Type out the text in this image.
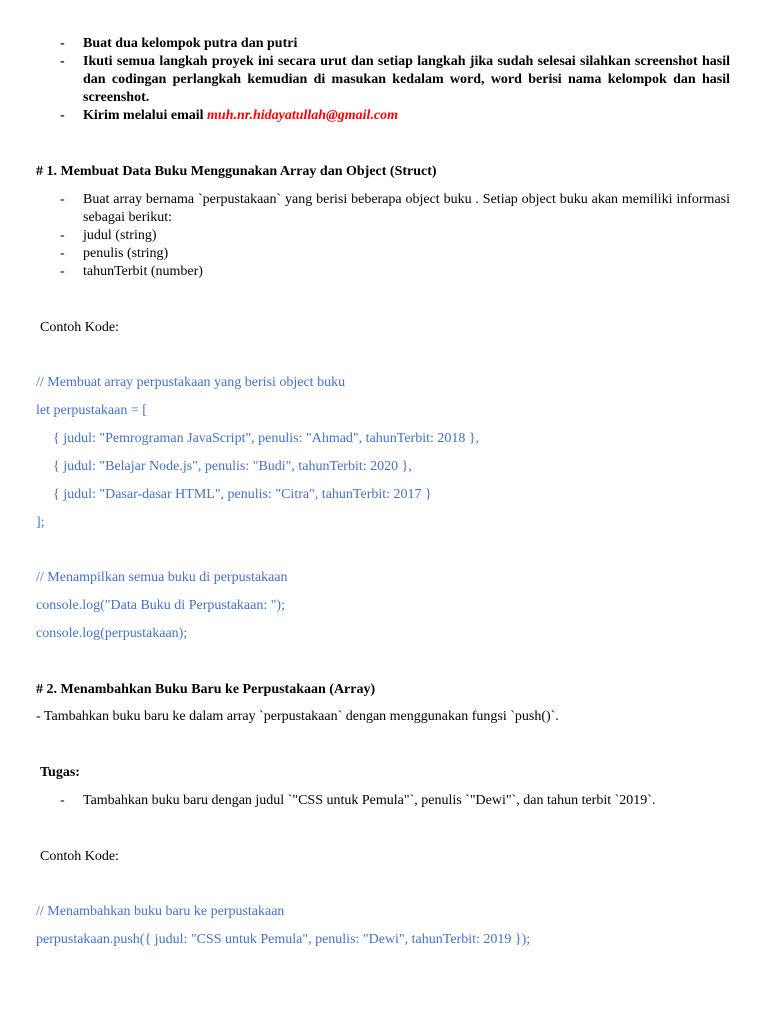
- Buat dua kelompok putra dan putri
- Ikuti semua langkah proyek ini secara urut dan setiap langkah jika sudah selesai silahkan screenshot hasil dan codingan perlangkah kemudian di masukan kedalam word, word berisi nama kelompok dan hasil screenshot.
- Kirim melalui email muh.nr.hidayatullah@gmail.com

# 1. Membuat Data Buku Menggunakan Array dan Object (Struct)

- Buat array bernama `perpustakaan` yang berisi beberapa object buku . Setiap object buku akan memiliki informasi sebagai berikut:
- judul (string)
- penulis (string)
- tahunTerbit (number)

Contoh Kode:

// Membuat array perpustakaan yang berisi object buku

let perpustakaan = [

{ judul: "Pemrograman JavaScript", penulis: "Ahmad", tahunTerbit: 2018 },

{ judul: "Belajar Node.js", penulis: "Budi", tahunTerbit: 2020 },

{ judul: "Dasar-dasar HTML", penulis: "Citra", tahunTerbit: 2017 }

];

// Menampilkan semua buku di perpustakaan

console.log("Data Buku di Perpustakaan: ");

console.log(perpustakaan);

# 2. Menambahkan Buku Baru ke Perpustakaan (Array)

- Tambahkan buku baru ke dalam array `perpustakaan` dengan menggunakan fungsi `push()`.

Tugas:

- Tambahkan buku baru dengan judul `"CSS untuk Pemula"`, penulis `"Dewi"`, dan tahun terbit `2019`.

Contoh Kode:

// Menambahkan buku baru ke perpustakaan

perpustakaan.push({ judul: "CSS untuk Pemula", penulis: "Dewi", tahunTerbit: 2019 });
